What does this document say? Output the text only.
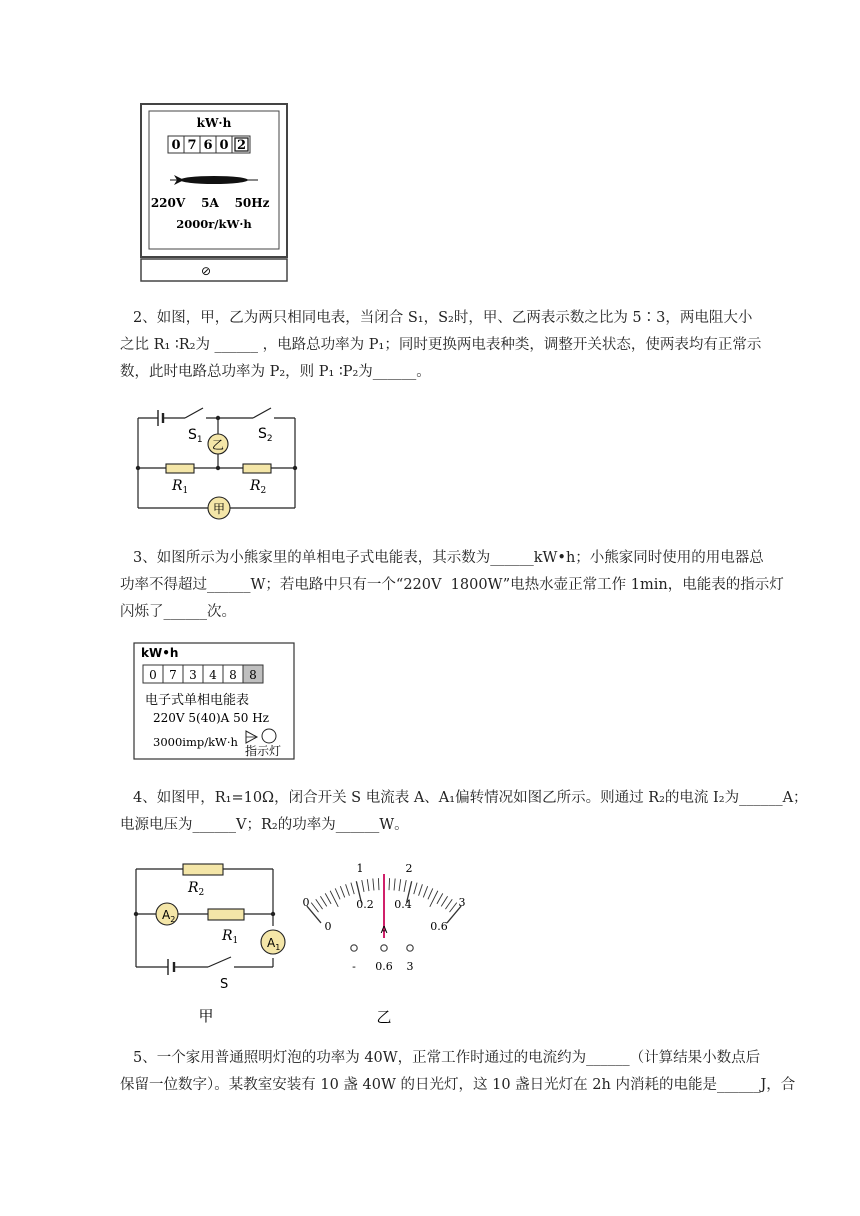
kW·h
0 7 6 0 2
220V 5A 50Hz
2000r/kW·h
⊘
2、如图，甲，乙为两只相同电表，当闭合 S₁，S₂时，甲、乙两表示数之比为 5∶3，两电阻大小
之比 R₁ ∶R₂为 ______ ，电路总功率为 P₁；同时更换两电表种类，调整开关状态，使两表均有正常示
数，此时电路总功率为 P₂，则 P₁ ∶P₂为______。
乙
甲
$S_1$	$S_2$
$R_1$	$R_2$
3、如图所示为小熊家里的单相电子式电能表，其示数为______kW•h；小熊家同时使用的用电器总
功率不得超过______W；若电路中只有一个“220V  1800W”电热水壶正常工作 1min，电能表的指示灯
闪烁了______次。
kW•h
0 7 3 4 8 8
电子式单相电能表
220V 5(40)A 50 Hz
3000imp/kW·h
指示灯
4、如图甲，R₁=10Ω，闭合开关 S 电流表 A、A₁偏转情况如图乙所示。则通过 R₂的电流 I₂为______A；
电源电压为______V；R₂的功率为______W。
$A_2$
$A_1$
$R_2$
$R_1$
S
甲
0
1	2
3
0
0.2 0.4
0.6
A
- 0.6 3
乙
5、一个家用普通照明灯泡的功率为 40W，正常工作时通过的电流约为______（计算结果小数点后
保留一位数字）。某教室安装有 10 盏 40W 的日光灯，这 10 盏日光灯在 2h 内消耗的电能是______J，合
